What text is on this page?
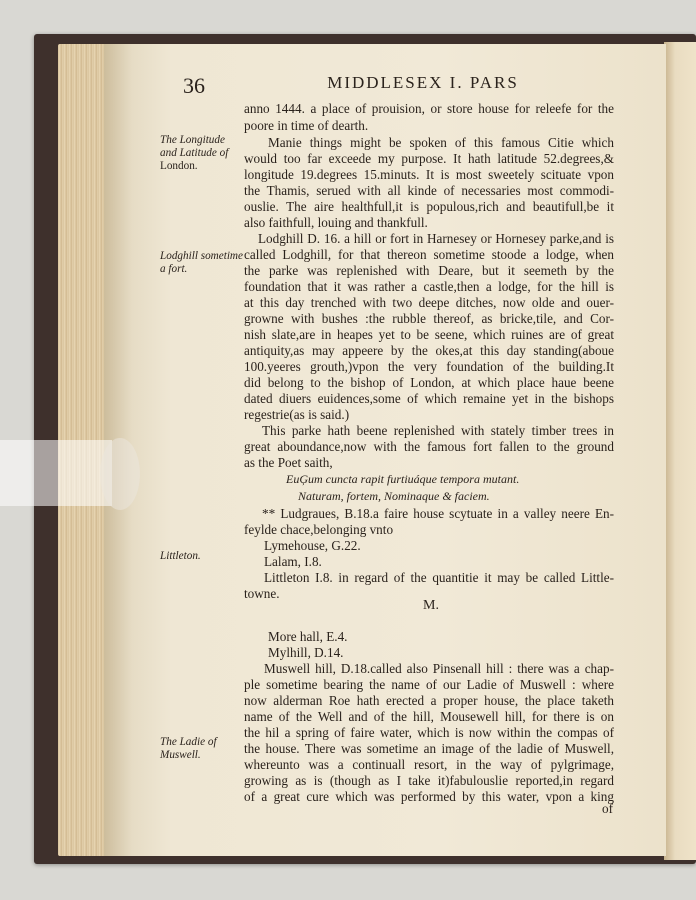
36	MIDDLESEX I. PARS
The Longitude
and Latitude of
London.
Lodghill sometime
a fort.
Littleton.
The Ladie of
Muswell.
anno 1444. a place of prouision, or store house for releefe for the
poore in time of dearth.
Manie things might be spoken of this famous Citie which
would too far exceede my purpose. It hath latitude 52.degrees,&
longitude 19.degrees 15.minuts. It is most sweetely scituate vpon
the Thamis, serued with all kinde of necessaries most commodi-
ouslie. The aire healthfull,it is populous,rich and beautifull,be it
also faithfull, louing and thankfull.
Lodghill D. 16. a hill or fort in Harnesey or Hornesey parke,and is
called Lodghill, for that thereon sometime stoode a lodge, when
the parke was replenished with Deare, but it seemeth by the
foundation that it was rather a castle,then a lodge, for the hill is
at this day trenched with two deepe ditches, now olde and ouer-
growne with bushes :the rubble thereof, as bricke,tile, and Cor-
nish slate,are in heapes yet to be seene, which ruines are of great
antiquity,as may appeere by the okes,at this day standing(aboue
100.yeeres grouth,)vpon the very foundation of the building.It
did belong to the bishop of London, at which place haue beene
dated diuers euidences,some of which remaine yet in the bishops
regestrie(as is said.)
This parke hath beene replenished with stately timber trees in
great aboundance,now with the famous fort fallen to the ground
as the Poet saith,
EuĢum cuncta rapit furtiuáque tempora mutant.
Naturam, fortem, Nominaque & faciem.
** Ludgraues, B.18.a faire house scytuate in a valley neere En-
feylde chace,belonging vnto
Lymehouse, G.22.
Lalam, I.8.
Littleton I.8. in regard of the quantitie it may be called Little-
towne.
M.
More hall, E.4.
Mylhill, D.14.
Muswell hill, D.18.called also Pinsenall hill : there was a chap-
ple sometime bearing the name of our Ladie of Muswell : where
now alderman Roe hath erected a proper house, the place taketh
name of the Well and of the hill, Mousewell hill, for there is on
the hil a spring of faire water, which is now within the compas of
the house. There was sometime an image of the ladie of Muswell,
whereunto was a continuall resort, in the way of pylgrimage,
growing as is (though as I take it)fabulouslie reported,in regard
of a great cure which was performed by this water, vpon a king
of
